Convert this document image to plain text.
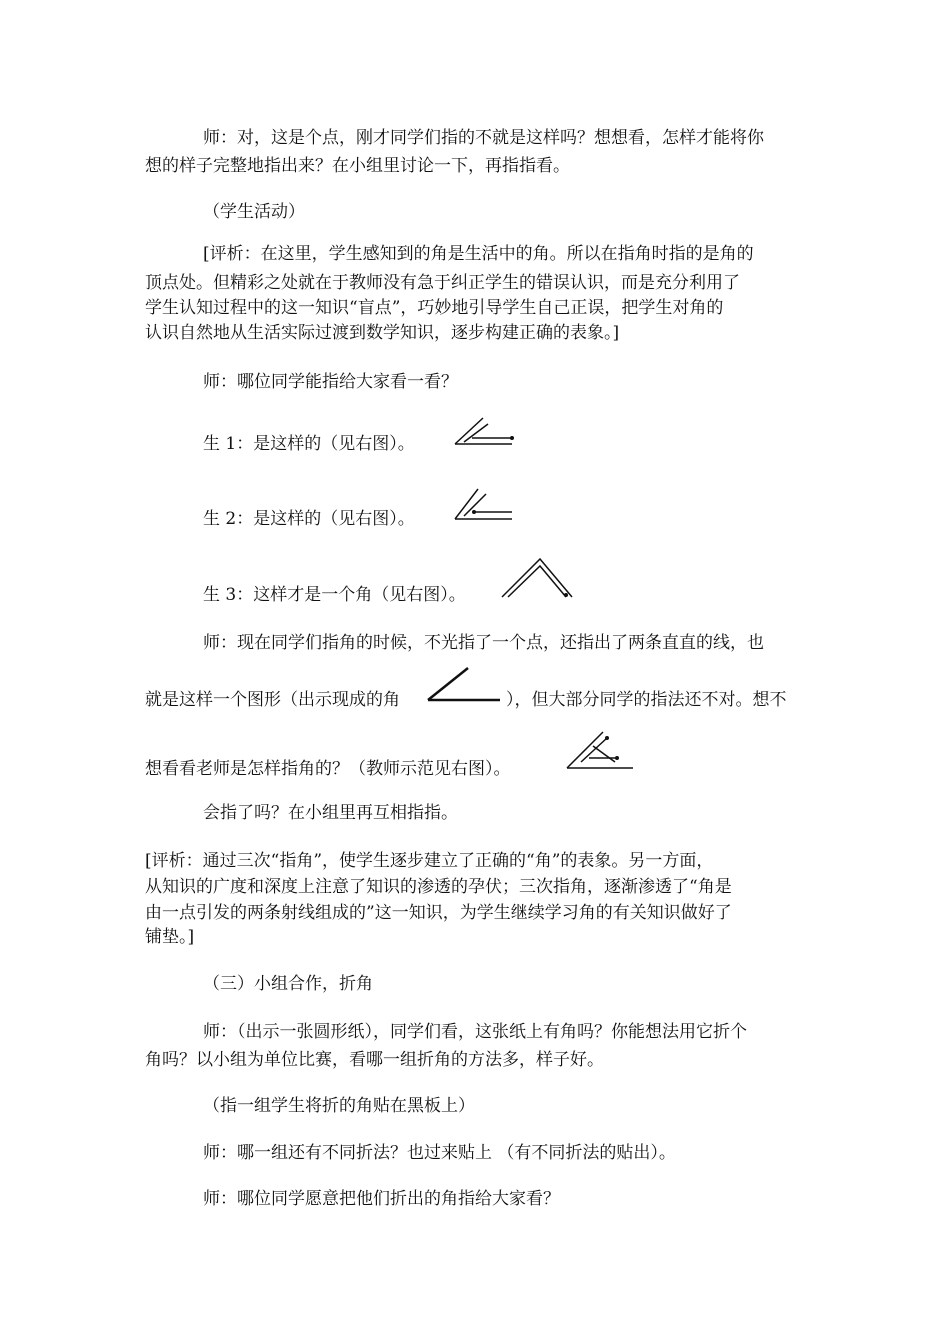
师：对，这是个点，刚才同学们指的不就是这样吗？想想看，怎样才能将你
想的样子完整地指出来？在小组里讨论一下，再指指看。
（学生活动）
[评析：在这里，学生感知到的角是生活中的角。所以在指角时指的是角的
顶点处。但精彩之处就在于教师没有急于纠正学生的错误认识，而是充分利用了
学生认知过程中的这一知识“盲点”，巧妙地引导学生自己正误，把学生对角的
认识自然地从生活实际过渡到数学知识，逐步构建正确的表象。]
师：哪位同学能指给大家看一看？
生 1：是这样的（见右图）。
生 2：是这样的（见右图）。
生 3：这样才是一个角（见右图）。
师：现在同学们指角的时候，不光指了一个点，还指出了两条直直的线，也
就是这样一个图形（出示现成的角	），但大部分同学的指法还不对。想不
想看看老师是怎样指角的？（教师示范见右图）。
会指了吗？在小组里再互相指指。
[评析：通过三次“指角”，使学生逐步建立了正确的“角”的表象。另一方面，
从知识的广度和深度上注意了知识的渗透的孕伏；三次指角，逐渐渗透了“角是
由一点引发的两条射线组成的”这一知识，为学生继续学习角的有关知识做好了
铺垫。]
（三）小组合作，折角
师：（出示一张圆形纸），同学们看，这张纸上有角吗？你能想法用它折个
角吗？以小组为单位比赛，看哪一组折角的方法多，样子好。
（指一组学生将折的角贴在黑板上）
师：哪一组还有不同折法？也过来贴上 （有不同折法的贴出）。
师：哪位同学愿意把他们折出的角指给大家看？
